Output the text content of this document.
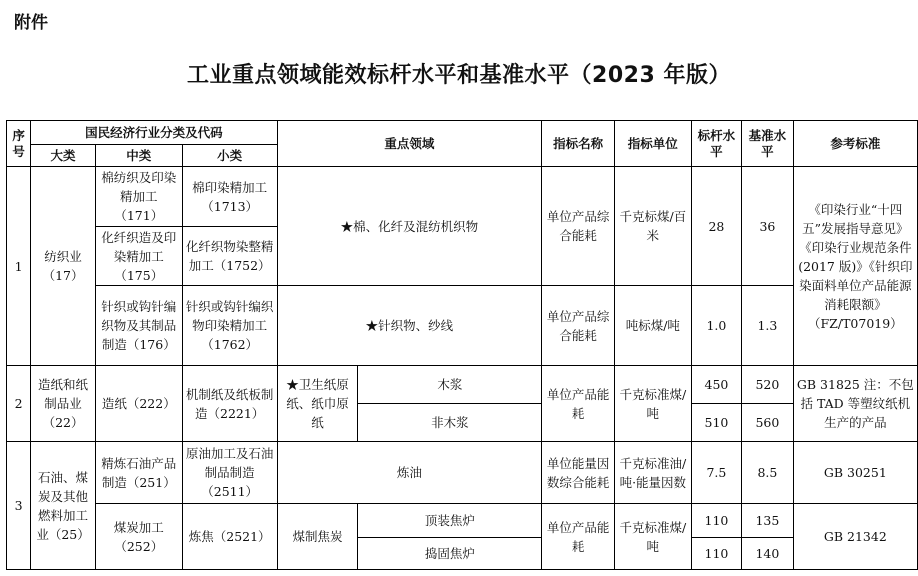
附件
工业重点领域能效标杆水平和基准水平（2023 年版）
序号	国民经济行业分类及代码			重点领域		指标名称	指标单位	标杆水平	基准水平	参考标准
	大类	中类	小类							
1	纺织业（17）	棉纺织及印染精加工（171）	棉印染精加工（1713）	★棉、化纤及混纺机织物		单位产品综合能耗	千克标煤/百米	28	36	《印染行业“十四五”发展指导意见》《印染行业规范条件(2017 版)》《针织印染面料单位产品能源消耗限额》（FZ/T07019）
		化纤织造及印染精加工（175）	化纤织物染整精加工（1752）							
		针织或钩针编织物及其制品制造（176）	针织或钩针编织物印染精加工（1762）	★针织物、纱线		单位产品综合能耗	吨标煤/吨	1.0	1.3	
2	造纸和纸制品业（22）	造纸（222）	机制纸及纸板制造（2221）	★卫生纸原纸、纸巾原纸	木浆	单位产品能耗	千克标准煤/吨	450	520	GB 31825 注：不包括 TAD 等塑纹纸机生产的产品
					非木浆			510	560	
3	石油、煤炭及其他燃料加工业（25）	精炼石油产品制造（251）	原油加工及石油制品制造（2511）	炼油		单位能量因数综合能耗	千克标准油/吨·能量因数	7.5	8.5	GB 30251
		煤炭加工（252）	炼焦（2521）	煤制焦炭	顶装焦炉	单位产品能耗	千克标准煤/吨	110	135	GB 21342
					捣固焦炉			110	140	
